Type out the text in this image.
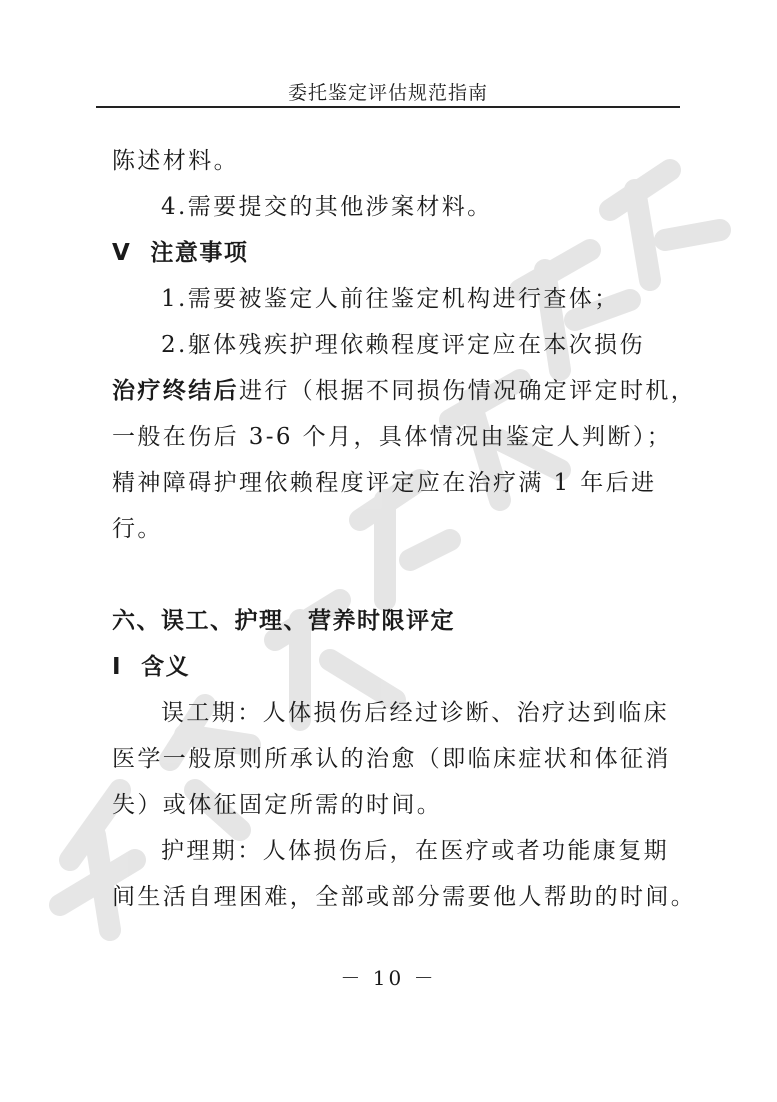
委托鉴定评估规范指南
陈述材料。
4.需要提交的其他涉案材料。
V 注意事项
1.需要被鉴定人前往鉴定机构进行查体；
2.躯体残疾护理依赖程度评定应在本次损伤
治疗终结后进行（根据不同损伤情况确定评定时机，
一般在伤后 3-6 个月，具体情况由鉴定人判断）；
精神障碍护理依赖程度评定应在治疗满 1 年后进
行。
六、误工、护理、营养时限评定
I 含义
误工期：人体损伤后经过诊断、治疗达到临床
医学一般原则所承认的治愈（即临床症状和体征消
失）或体征固定所需的时间。
护理期：人体损伤后，在医疗或者功能康复期
间生活自理困难，全部或部分需要他人帮助的时间。
－ 10 －
